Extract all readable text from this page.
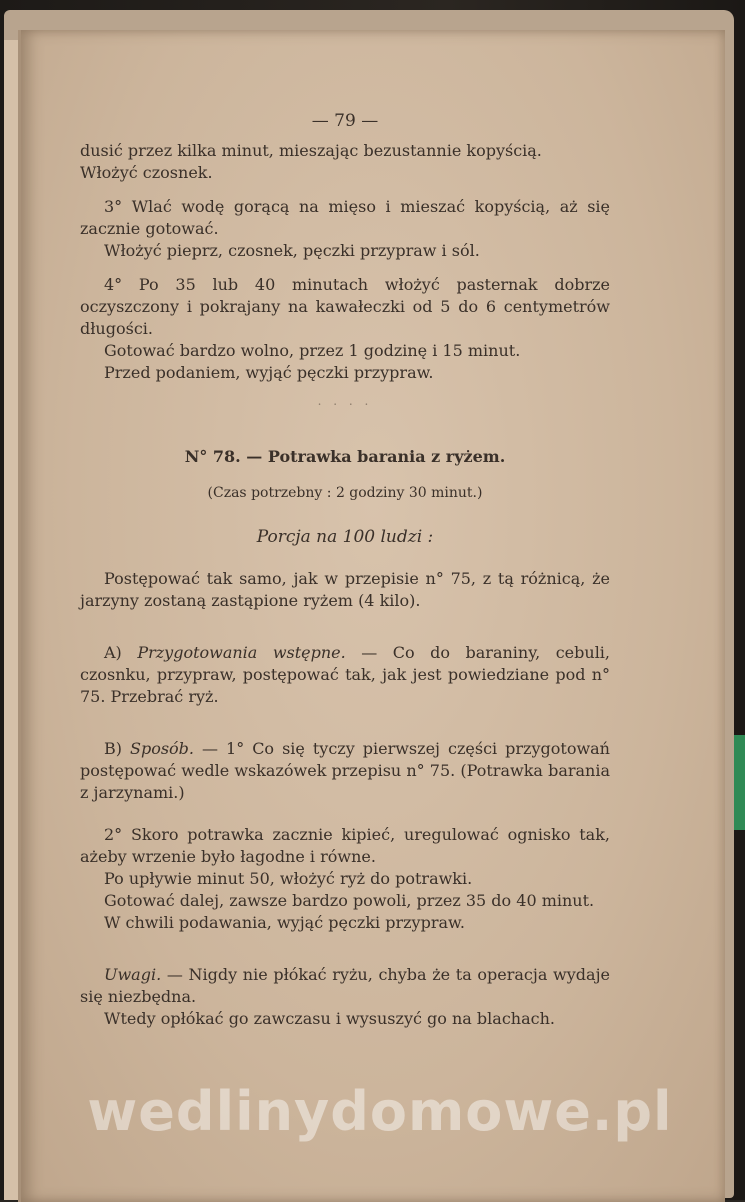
— 79 —

dusić przez kilka minut, mieszając bezustannie kopyścią.

Włożyć czosnek.

3° Wlać wodę gorącą na mięso i mieszać kopyścią, aż się zacznie gotować.

Włożyć pieprz, czosnek, pęczki przypraw i sól.

4° Po 35 lub 40 minutach włożyć pasternak dobrze oczyszczony i pokrajany na kawałeczki od 5 do 6 centymetrów długości.

Gotować bardzo wolno, przez 1 godzinę i 15 minut.

Przed podaniem, wyjąć pęczki przypraw.

. . . .
N° 78. — Potrawka barania z ryżem.
(Czas potrzebny : 2 godziny 30 minut.)
Porcja na 100 ludzi :

Postępować tak samo, jak w przepisie n° 75, z tą różnicą, że jarzyny zostaną zastąpione ryżem (4 kilo).

A) Przygotowania wstępne. — Co do baraniny, cebuli, czosnku, przypraw, postępować tak, jak jest powiedziane pod n° 75. Przebrać ryż.

B) Sposób. — 1° Co się tyczy pierwszej części przygotowań postępować wedle wskazówek przepisu n° 75. (Potrawka barania z jarzynami.)

2° Skoro potrawka zacznie kipieć, uregulować ognisko tak, ażeby wrzenie było łagodne i równe.

Po upływie minut 50, włożyć ryż do potrawki.

Gotować dalej, zawsze bardzo powoli, przez 35 do 40 minut.

W chwili podawania, wyjąć pęczki przypraw.

Uwagi. — Nigdy nie płókać ryżu, chyba że ta operacja wydaje się niezbędna.

Wtedy opłókać go zawczasu i wysuszyć go na blachach.

wedlinydomowe.pl
